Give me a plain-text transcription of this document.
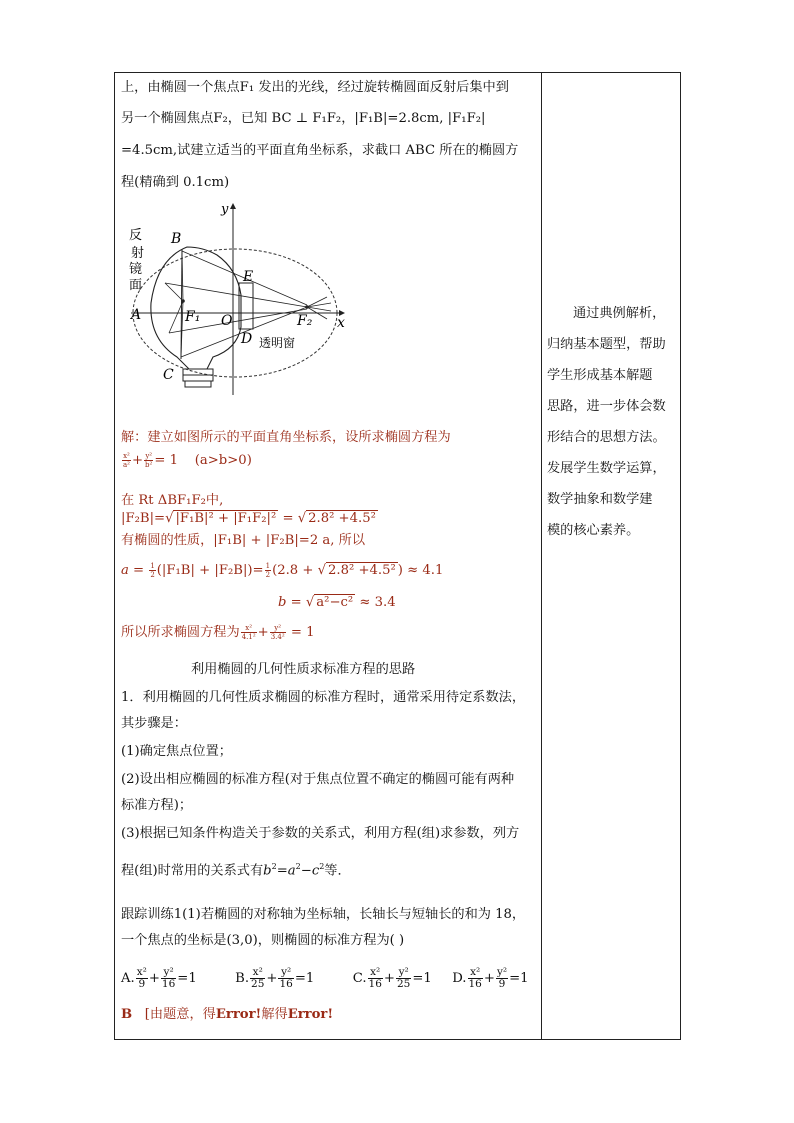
上，由椭圆一个焦点F₁ 发出的光线，经过旋转椭圆面反射后集中到
另一个椭圆焦点F₂，已知 BC ⊥ F₁F₂，|F₁B|=2.8cm, |F₁F₂|
=4.5cm,试建立适当的平面直角坐标系，求截口 ABC 所在的椭圆方
程(精确到 0.1cm)
反
射
镜
面
B
A
C
F₁ O
E
D
F₂ x
y
透明窗
解：建立如图所示的平面直角坐标系，设所求椭圆方程为
$\frac{\text{x²}}{\text{a²}} + \frac{\text{y²}}{\text{b²}} = 1$    (a>b>0)
在 Rt ΔBF₁F₂中,
|F₂B|=√ |F₁B|² + |F₁F₂|² = √ 2.8² +4.5²
有椭圆的性质，|F₁B| + |F₂B|=2 a, 所以
$a = \frac{1}{2} (|F_1B| + |F_2B|)= \frac{1}{2} (2.8$ + √ 2.8² +4.5² ) ≈ 4.1
b = √ a²−c² ≈ 3.4
所以所求椭圆方程为 $\frac{\text{x²}}{\text{4.1²}} + \frac{\text{y²}}{\text{3.4²}} = 1$
利用椭圆的几何性质求标准方程的思路
1．利用椭圆的几何性质求椭圆的标准方程时，通常采用待定系数法，
其步骤是：
(1)确定焦点位置；
(2)设出相应椭圆的标准方程(对于焦点位置不确定的椭圆可能有两种
标准方程)；
(3)根据已知条件构造关于参数的关系式，利用方程(组)求参数，列方
程(组)时常用的关系式有$b^2=a^2-c^2$等．
跟踪训练1(1)若椭圆的对称轴为坐标轴，长轴长与短轴长的和为 18，
一个焦点的坐标是(3,0)，则椭圆的标准方程为( )
A. $\frac{\text{x²}}{9} + \frac{\text{y²}}{16} =1$	B. $\frac{\text{x²}}{25} + \frac{\text{y²}}{16} =1$	C. $\frac{\text{x²}}{16} + \frac{\text{y²}}{25} =1$ D. $\frac{\text{x²}}{16} + \frac{\text{y²}}{9} =1$
B [由题意，得Error!解得Error!
通过典例解析，
归纳基本题型，帮助
学生形成基本解题
思路，进一步体会数
形结合的思想方法。
发展学生数学运算，
数学抽象和数学建
模的核心素养。
